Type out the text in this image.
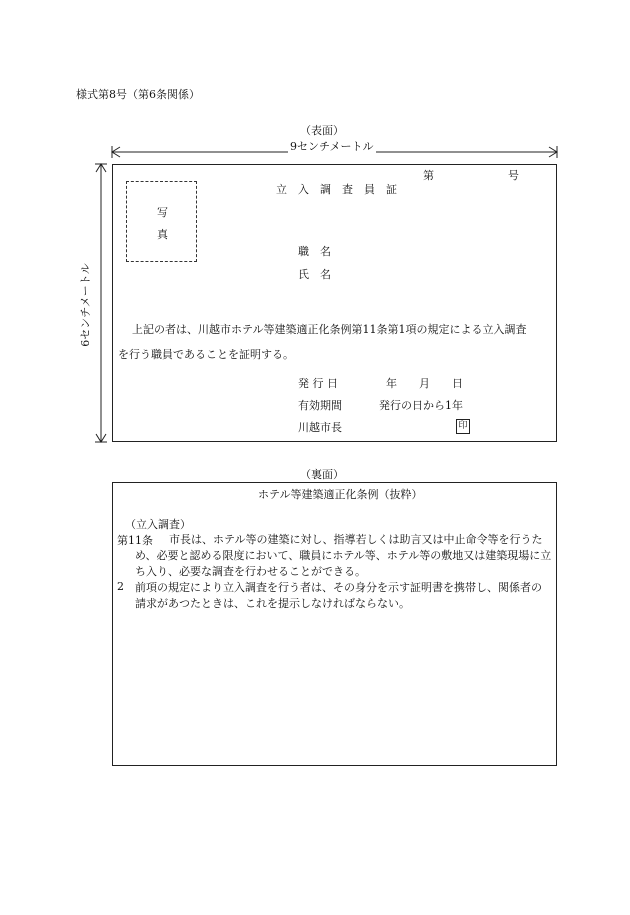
様式第8号（第6条関係）
（表面）
9センチメートル
6センチメートル
第	号
立　入　調　査　員　証
写
真
職　名
氏　名
上記の者は、川越市ホテル等建築適正化条例第11条第1項の規定による立入調査
を行う職員であることを証明する。
発 行 日	年　　月　　日
有効期間	発行の日から1年
川越市長	印
（裏面）
ホテル等建築適正化条例（抜粋）
（立入調査）
第11条	市長は、ホテル等の建築に対し、指導若しくは助言又は中止命令等を行うため、必要と認める限度において、職員にホテル等、ホテル等の敷地又は建築現場に立ち入り、必要な調査を行わせることができる。
2 前項の規定により立入調査を行う者は、その身分を示す証明書を携帯し、関係者の請求があつたときは、これを提示しなければならない。
